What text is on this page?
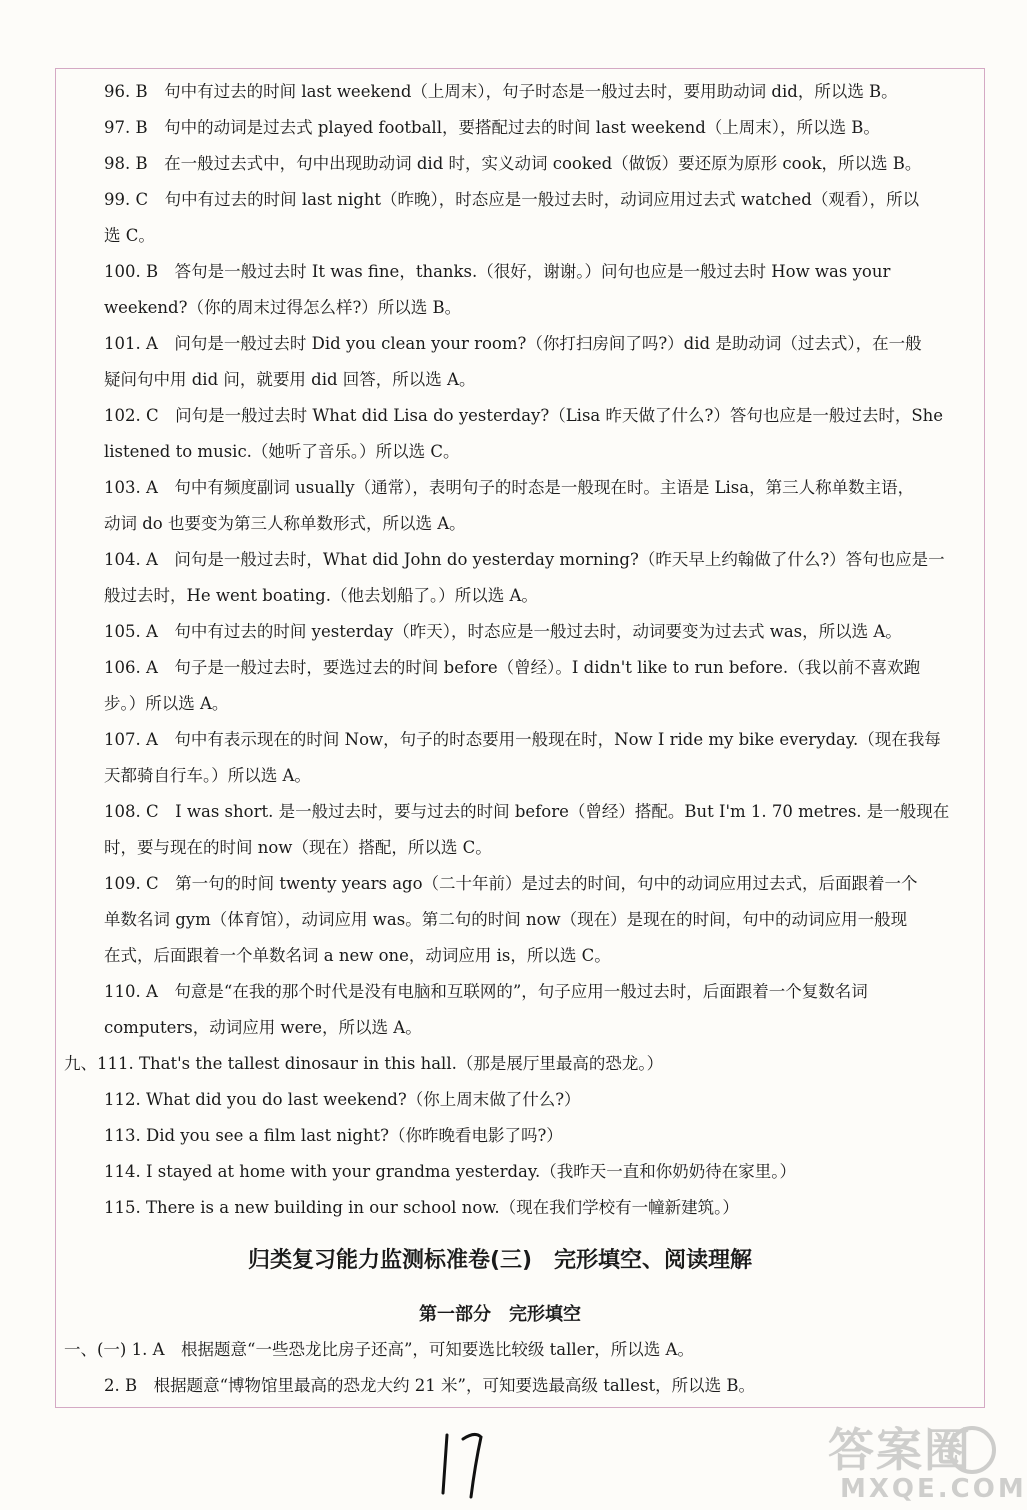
96. B　句中有过去的时间 last weekend（上周末），句子时态是一般过去时，要用助动词 did，所以选 B。
97. B　句中的动词是过去式 played football，要搭配过去的时间 last weekend（上周末），所以选 B。
98. B　在一般过去式中，句中出现助动词 did 时，实义动词 cooked（做饭）要还原为原形 cook，所以选 B。
99. C　句中有过去的时间 last night（昨晚），时态应是一般过去时，动词应用过去式 watched（观看），所以
选 C。
100. B　答句是一般过去时 It was fine，thanks.（很好，谢谢。）问句也应是一般过去时 How was your
weekend?（你的周末过得怎么样?）所以选 B。
101. A　问句是一般过去时 Did you clean your room?（你打扫房间了吗?）did 是助动词（过去式），在一般
疑问句中用 did 问，就要用 did 回答，所以选 A。
102. C　问句是一般过去时 What did Lisa do yesterday?（Lisa 昨天做了什么?）答句也应是一般过去时，She
listened to music.（她听了音乐。）所以选 C。
103. A　句中有频度副词 usually（通常），表明句子的时态是一般现在时。主语是 Lisa，第三人称单数主语，
动词 do 也要变为第三人称单数形式，所以选 A。
104. A　问句是一般过去时，What did John do yesterday morning?（昨天早上约翰做了什么?）答句也应是一
般过去时，He went boating.（他去划船了。）所以选 A。
105. A　句中有过去的时间 yesterday（昨天），时态应是一般过去时，动词要变为过去式 was，所以选 A。
106. A　句子是一般过去时，要选过去的时间 before（曾经）。I didn't like to run before.（我以前不喜欢跑
步。）所以选 A。
107. A　句中有表示现在的时间 Now，句子的时态要用一般现在时，Now I ride my bike everyday.（现在我每
天都骑自行车。）所以选 A。
108. C　I was short. 是一般过去时，要与过去的时间 before（曾经）搭配。But I'm 1. 70 metres. 是一般现在
时，要与现在的时间 now（现在）搭配，所以选 C。
109. C　第一句的时间 twenty years ago（二十年前）是过去的时间，句中的动词应用过去式，后面跟着一个
单数名词 gym（体育馆），动词应用 was。第二句的时间 now（现在）是现在的时间，句中的动词应用一般现
在式，后面跟着一个单数名词 a new one，动词应用 is，所以选 C。
110. A　句意是“在我的那个时代是没有电脑和互联网的”，句子应用一般过去时，后面跟着一个复数名词
computers，动词应用 were，所以选 A。
九、111. That's the tallest dinosaur in this hall.（那是展厅里最高的恐龙。）
112. What did you do last weekend?（你上周末做了什么?）
113. Did you see a film last night?（你昨晚看电影了吗?）
114. I stayed at home with your grandma yesterday.（我昨天一直和你奶奶待在家里。）
115. There is a new building in our school now.（现在我们学校有一幢新建筑。）
归类复习能力监测标准卷(三)　完形填空、阅读理解
第一部分　完形填空
一、(一) 1. A　根据题意“一些恐龙比房子还高”，可知要选比较级 taller，所以选 A。
2. B　根据题意“博物馆里最高的恐龙大约 21 米”，可知要选最高级 tallest，所以选 B。
答案圈
MXQE.COM
